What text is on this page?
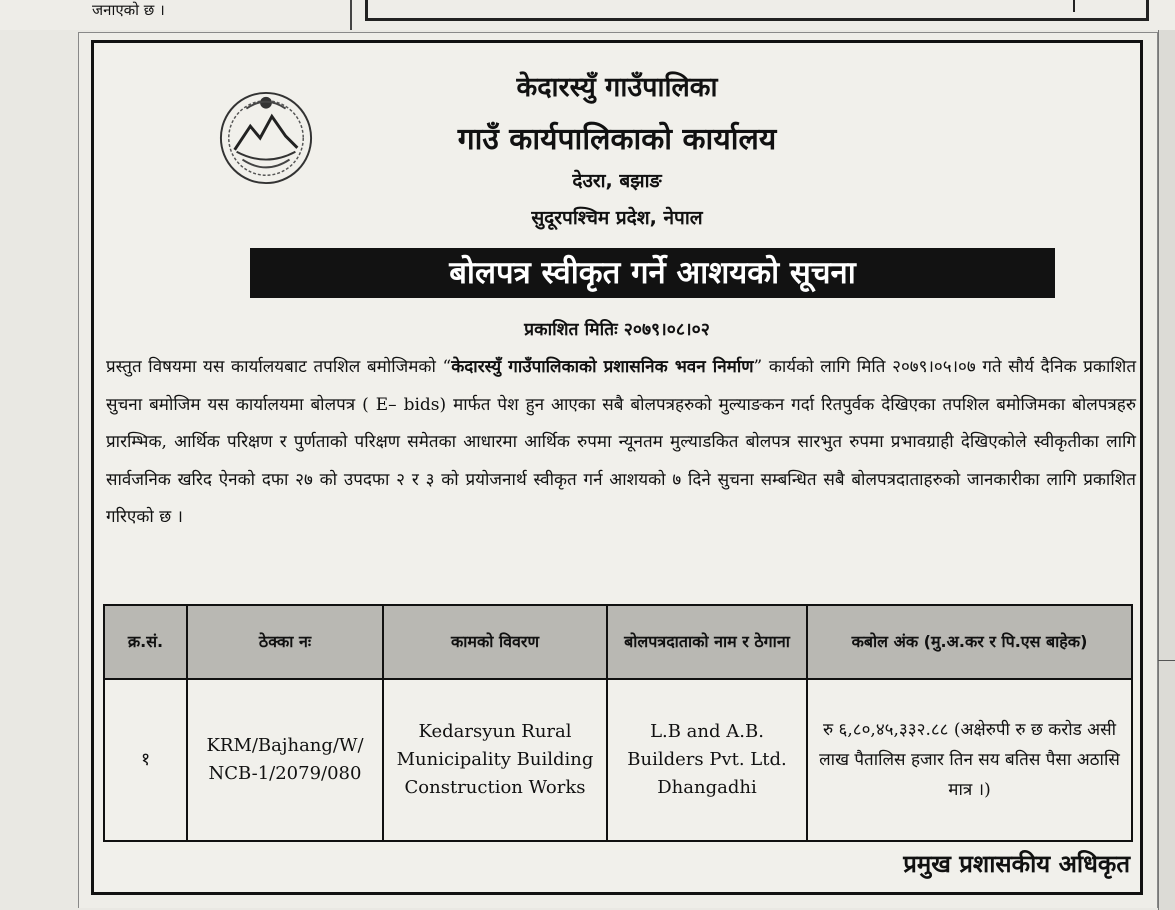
जनाएको छ ।
केदारस्युँ गाउँपालिका
गाउँ कार्यपालिकाको कार्यालय
देउरा, बझाङ
सुदूरपश्चिम प्रदेश, नेपाल
बोलपत्र स्वीकृत गर्ने आशयको सूचना
प्रकाशित मितिः २०७९।०८।०२
प्रस्तुत विषयमा यस कार्यालयबाट तपशिल बमोजिमको “केदारस्युँ गाउँपालिकाको प्रशासनिक भवन निर्माण” कार्यको लागि मिति २०७९।०५।०७ गते सौर्य दैनिक प्रकाशित सुचना बमोजिम यस कार्यालयमा बोलपत्र ( E– bids) मार्फत पेश हुन आएका सबै बोलपत्रहरुको मुल्याङकन गर्दा रितपुर्वक देखिएका तपशिल बमोजिमका बोलपत्रहरु प्रारम्भिक, आर्थिक परिक्षण र पुर्णताको परिक्षण समेतका आधारमा आर्थिक रुपमा न्यूनतम मुल्याडकित बोलपत्र सारभुत रुपमा प्रभावग्राही देखिएकोले स्वीकृतीका लागि सार्वजनिक खरिद ऐनको दफा २७ को उपदफा २ र ३ को प्रयोजनार्थ स्वीकृत गर्न आशयको ७ दिने सुचना सम्बन्धित सबै बोलपत्रदाताहरुको जानकारीका लागि प्रकाशित गरिएको छ ।
क्र.सं.	ठेक्का नः	कामको विवरण	बोलपत्रदाताको नाम र ठेगाना	कबोल अंक (मु.अ.कर र पि.एस बाहेक)
१	KRM/Bajhang/W/ NCB-1/2079/080	Kedarsyun Rural Municipality Building Construction Works	L.B and A.B. Builders Pvt. Ltd. Dhangadhi	रु ६,८०,४५,३३२.८८ (अक्षेरुपी रु छ करोड असी लाख पैतालिस हजार तिन सय बतिस पैसा अठासि मात्र ।)
प्रमुख प्रशासकीय अधिकृत
